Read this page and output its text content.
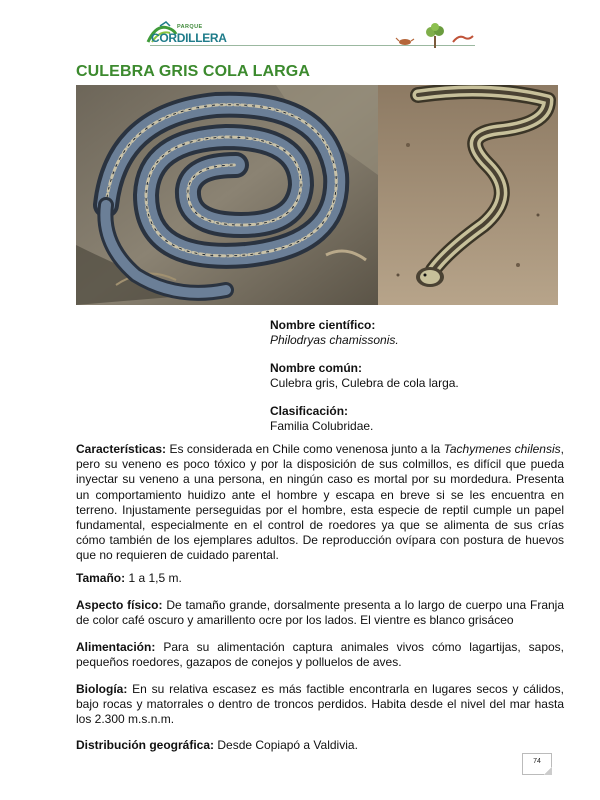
PARQUE
CORDILLERA
CULEBRA GRIS COLA LARGA
Nombre científico:
Philodryas chamissonis.
Nombre común:
Culebra gris, Culebra de cola larga.
Clasificación:
Familia Colubridae.

Características: Es considerada en Chile como venenosa junto a la Tachymenes chilensis, pero su veneno es poco tóxico y por la disposición de sus colmillos, es difícil que pueda inyectar su veneno a una persona, en ningún caso es mortal por su mordedura. Presenta un comportamiento huidizo ante el hombre y escapa en breve si se les encuentra en terreno. Injustamente perseguidas por el hombre, esta especie de reptil cumple un papel fundamental, especialmente en el control de roedores ya que se alimenta de sus crías cómo también de los ejemplares adultos. De reproducción ovípara con postura de huevos que no requieren de cuidado parental.

Tamaño: 1 a 1,5 m.

Aspecto físico: De tamaño grande, dorsalmente presenta a lo largo de cuerpo una Franja de color café oscuro y amarillento ocre por los lados. El vientre es blanco grisáceo

Alimentación: Para su alimentación captura animales vivos cómo lagartijas, sapos, pequeños roedores, gazapos de conejos y polluelos de aves.

Biología: En su relativa escasez es más factible encontrarla en lugares secos y cálidos, bajo rocas y matorrales o dentro de troncos perdidos. Habita desde el nivel del mar hasta los 2.300 m.s.n.m.

Distribución geográfica: Desde Copiapó a Valdivia.

74
